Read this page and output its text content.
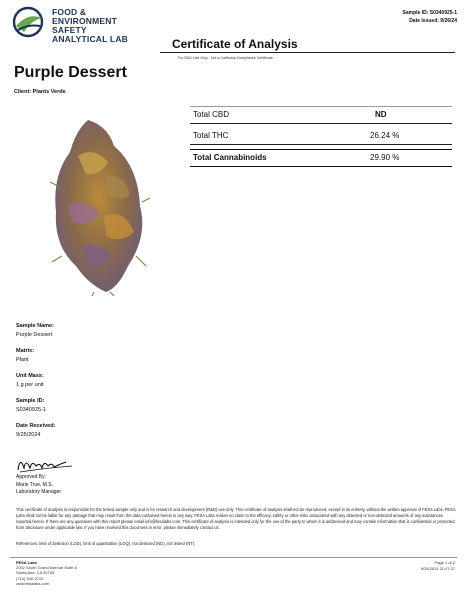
FOOD &
ENVIRONMENT
SAFETY
ANALYTICAL LAB
Sample ID: S0340925-1
Date Issued: 9/26/24
Certificate of Analysis
For R&D Use Only - Not a California Compliance Certificate
Purple Dessert
Client: Plants Verde
Total CBD	ND
Total THC	26.24 %
Total Cannabinoids	29.90 %
Sample Name:
Purple Dessert
Matrix:
Plant
Unit Mass:
1 g per unit
Sample ID:
S0340925-1
Date Received:
9/25/2024
Approved By:
Marie True, M.S.
Laboratory Manager
This certificate of analysis is responsible for the tested sample only and is for research and development (R&D) use only. This certificate of analysis shall not be reproduced, except in its entirety, without the written approval of FESA Labs. FESA Labs shall not be liable for any damage that may result from the data contained herein in any way. FESA Labs makes no claim to the efficacy, safety or other risks associated with any detected or non-detected amounts of any substances reported herein. If there are any questions with this report please email info@fesalabs.com. This certificate of analysis is intended only for the use of the party to whom it is addressed and may contain information that is confidential or protected from disclosure under applicable law. If you have received this document in error, please immediately contact us.
References: limit of detection (LOD), limit of quantitation (LOQ), not detected (ND), not tested (NT).
FESA Labs
2002 South Grand Avenue Suite A
Santa Ana, CA 92705
(714) 540-0722
www.fesalabs.com
Page 1 of 2
9/26/2024 11:47:37
